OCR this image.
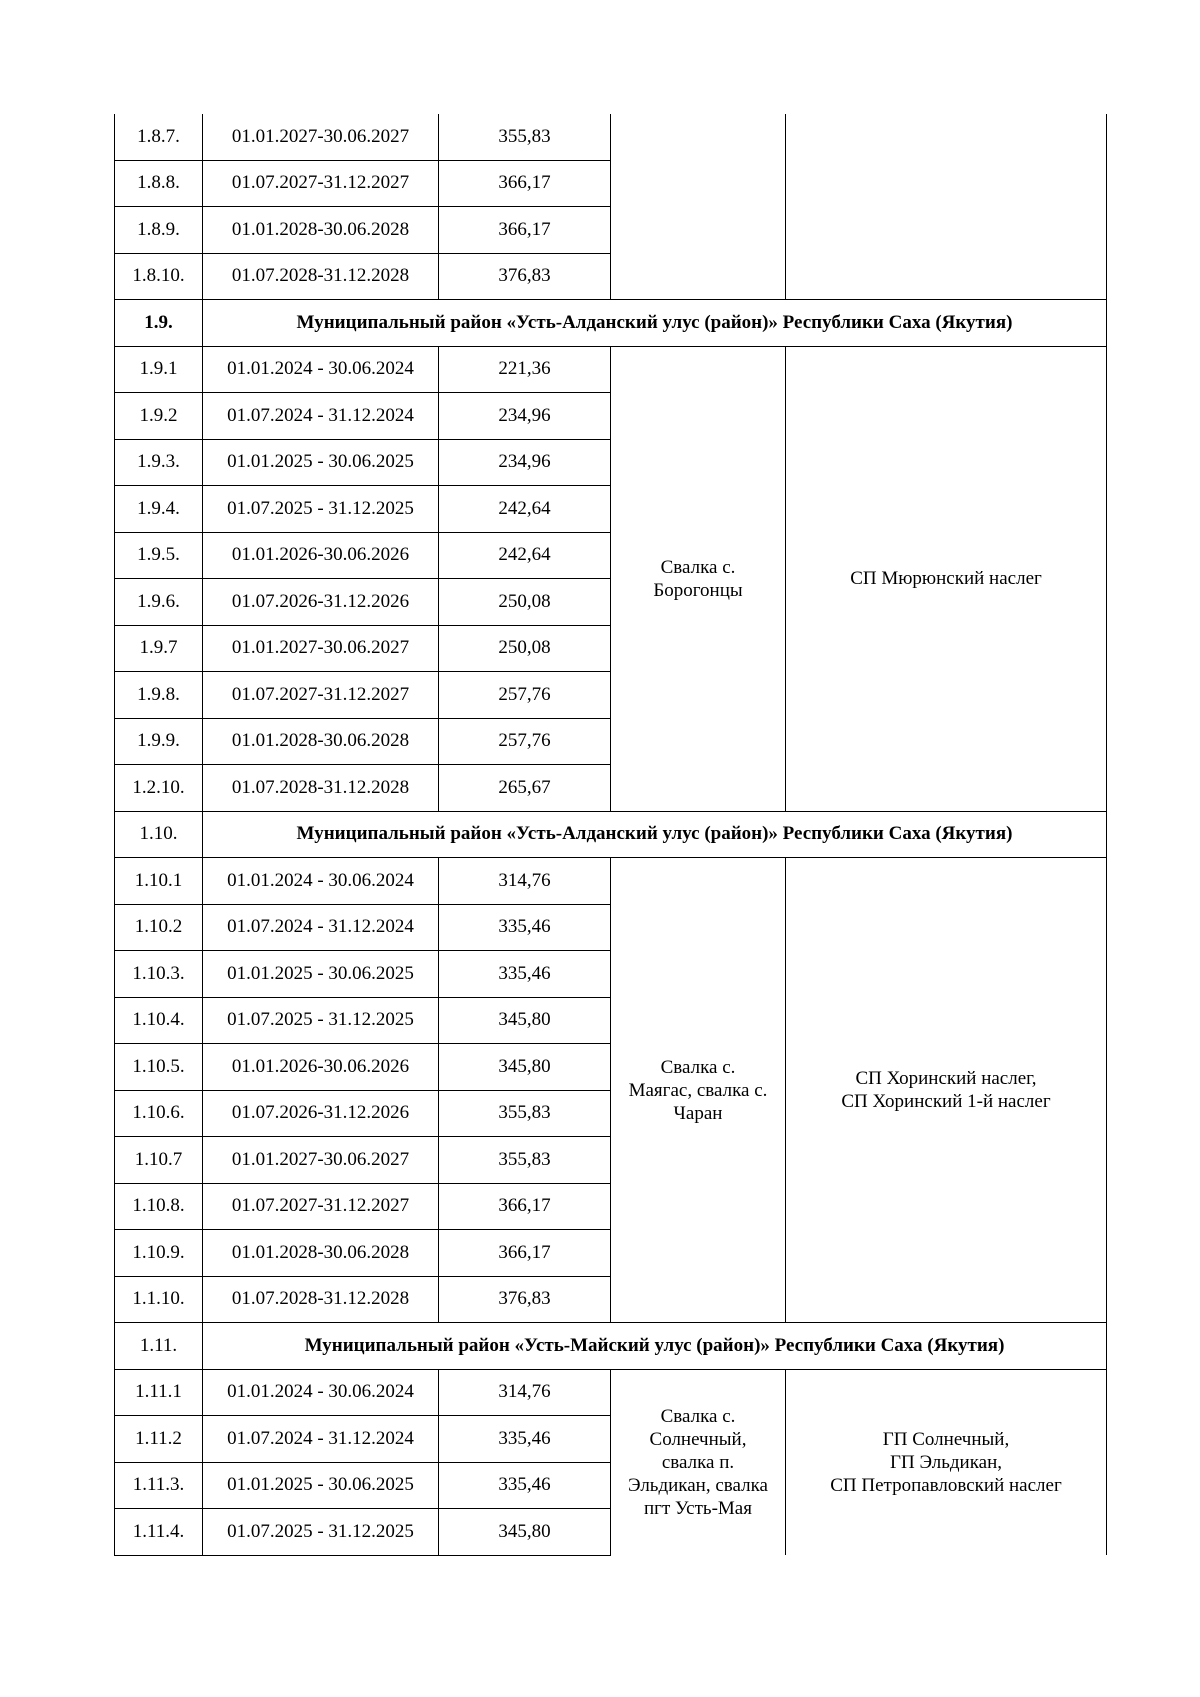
1.8.7.	01.01.2027-30.06.2027	355,83		
1.8.8.	01.07.2027-31.12.2027	366,17		
1.8.9.	01.01.2028-30.06.2028	366,17		
1.8.10.	01.07.2028-31.12.2028	376,83		
1.9.	Муниципальный район «Усть-Алданский улус (район)» Республики Саха (Якутия)			
1.9.1	01.01.2024 - 30.06.2024	221,36	Свалка с.
Борогонцы	СП Мюрюнский наслег

1.9.2	01.07.2024 - 31.12.2024	234,96		
1.9.3.	01.01.2025 - 30.06.2025	234,96		
1.9.4.	01.07.2025 - 31.12.2025	242,64		
1.9.5.	01.01.2026-30.06.2026	242,64		
1.9.6.	01.07.2026-31.12.2026	250,08		
1.9.7	01.01.2027-30.06.2027	250,08		
1.9.8.	01.07.2027-31.12.2027	257,76		
1.9.9.	01.01.2028-30.06.2028	257,76		
1.2.10.	01.07.2028-31.12.2028	265,67		
1.10.	Муниципальный район «Усть-Алданский улус (район)» Республики Саха (Якутия)			
1.10.1	01.01.2024 - 30.06.2024	314,76	Свалка с.
Маягас, свалка с.
Чаран	СП Хоринский наслег,
СП Хоринский 1-й наслег

1.10.2	01.07.2024 - 31.12.2024	335,46		
1.10.3.	01.01.2025 - 30.06.2025	335,46		
1.10.4.	01.07.2025 - 31.12.2025	345,80		
1.10.5.	01.01.2026-30.06.2026	345,80		
1.10.6.	01.07.2026-31.12.2026	355,83		
1.10.7	01.01.2027-30.06.2027	355,83		
1.10.8.	01.07.2027-31.12.2027	366,17		
1.10.9.	01.01.2028-30.06.2028	366,17		
1.1.10.	01.07.2028-31.12.2028	376,83		
1.11.	Муниципальный район «Усть-Майский улус (район)» Республики Саха (Якутия)			
1.11.1	01.01.2024 - 30.06.2024	314,76	Свалка с.
Солнечный,
свалка п.
Эльдикан, свалка
пгт Усть-Мая	ГП Солнечный,
ГП Эльдикан,
СП Петропавловский наслег

1.11.2	01.07.2024 - 31.12.2024	335,46		
1.11.3.	01.01.2025 - 30.06.2025	335,46		
1.11.4.	01.07.2025 - 31.12.2025	345,80		
